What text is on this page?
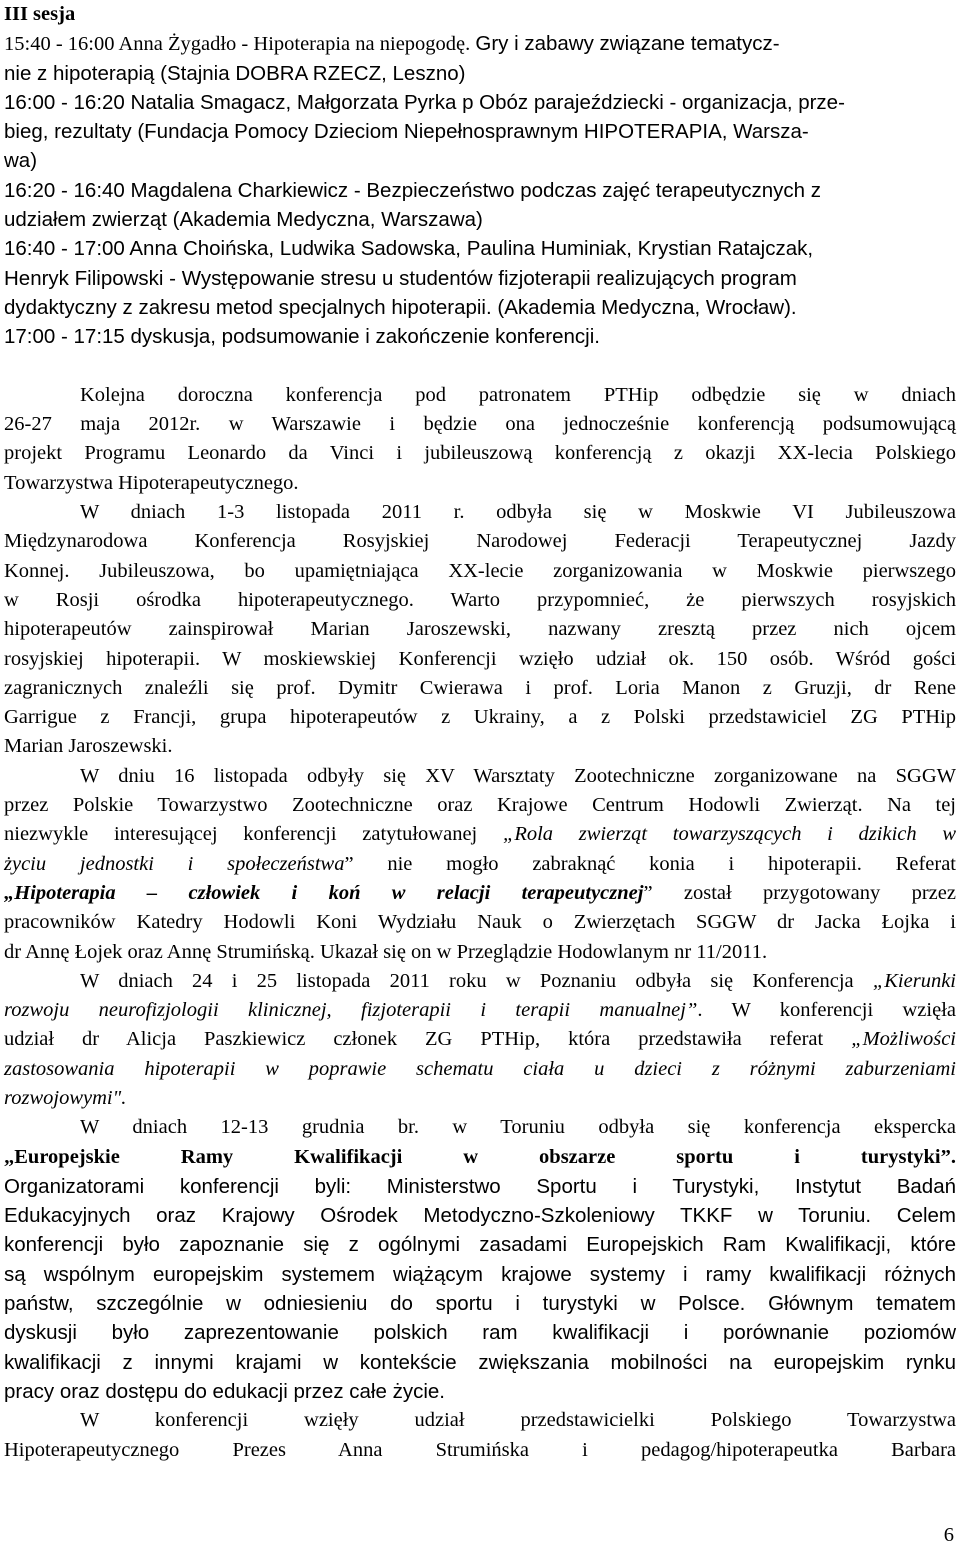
III sesja
15:40 - 16:00 Anna Żygadło - Hipoterapia na niepogodę. Gry i zabawy związane tematycz-
nie z hipoterapią (Stajnia DOBRA RZECZ, Leszno)
16:00 - 16:20 Natalia Smagacz, Małgorzata Pyrka p Obóz parajeździecki - organizacja, prze-
bieg, rezultaty (Fundacja Pomocy Dzieciom Niepełnosprawnym HIPOTERAPIA, Warsza-
wa)
16:20 - 16:40 Magdalena Charkiewicz - Bezpieczeństwo podczas zajęć terapeutycznych z
udziałem zwierząt (Akademia Medyczna, Warszawa)
16:40 - 17:00 Anna Choińska, Ludwika Sadowska, Paulina Huminiak, Krystian Ratajczak,
Henryk Filipowski - Występowanie stresu u studentów fizjoterapii realizujących program
dydaktyczny z zakresu metod specjalnych hipoterapii. (Akademia Medyczna, Wrocław).
17:00 - 17:15 dyskusja, podsumowanie i zakończenie konferencji.
Kolejna doroczna konferencja pod patronatem PTHip odbędzie się w dniach
26-27 maja 2012r. w Warszawie i będzie ona jednocześnie konferencją podsumowującą
projekt Programu Leonardo da Vinci i jubileuszową konferencją z okazji XX-lecia Polskiego
Towarzystwa Hipoterapeutycznego.
W dniach 1-3 listopada 2011 r. odbyła się w Moskwie VI Jubileuszowa
Międzynarodowa Konferencja Rosyjskiej Narodowej Federacji Terapeutycznej Jazdy
Konnej. Jubileuszowa, bo upamiętniająca XX-lecie zorganizowania w Moskwie pierwszego
w Rosji ośrodka hipoterapeutycznego. Warto przypomnieć, że pierwszych rosyjskich
hipoterapeutów zainspirował Marian Jaroszewski, nazwany zresztą przez nich ojcem
rosyjskiej hipoterapii. W moskiewskiej Konferencji wzięło udział ok. 150 osób. Wśród gości
zagranicznych znaleźli się prof. Dymitr Cwierawa i prof. Loria Manon z Gruzji, dr Rene
Garrigue z Francji, grupa hipoterapeutów z Ukrainy, a z Polski przedstawiciel ZG PTHip
Marian Jaroszewski.
W dniu 16 listopada odbyły się XV Warsztaty Zootechniczne zorganizowane na SGGW
przez Polskie Towarzystwo Zootechniczne oraz Krajowe Centrum Hodowli Zwierząt. Na tej
niezwykle interesującej konferencji zatytułowanej „Rola zwierząt towarzyszących i dzikich w
życiu jednostki i społeczeństwa” nie mogło zabraknąć konia i hipoterapii. Referat
„Hipoterapia – człowiek i koń w relacji terapeutycznej” został przygotowany przez
pracowników Katedry Hodowli Koni Wydziału Nauk o Zwierzętach SGGW dr Jacka Łojka i
dr Annę Łojek oraz Annę Strumińską. Ukazał się on w Przeglądzie Hodowlanym nr 11/2011.
W dniach 24 i 25 listopada 2011 roku w Poznaniu odbyła się Konferencja „Kierunki
rozwoju neurofizjologii klinicznej, fizjoterapii i terapii manualnej”. W konferencji wzięła
udział dr Alicja Paszkiewicz członek ZG PTHip, która przedstawiła referat „Możliwości
zastosowania hipoterapii w poprawie schematu ciała u dzieci z różnymi zaburzeniami
rozwojowymi".
W dniach 12-13 grudnia br. w Toruniu odbyła się konferencja ekspercka
„Europejskie Ramy Kwalifikacji w obszarze sportu i turystyki”.
Organizatorami konferencji byli: Ministerstwo Sportu i Turystyki, Instytut Badań
Edukacyjnych oraz Krajowy Ośrodek Metodyczno-Szkoleniowy TKKF w Toruniu. Celem
konferencji było zapoznanie się z ogólnymi zasadami Europejskich Ram Kwalifikacji, które
są wspólnym europejskim systemem wiążącym krajowe systemy i ramy kwalifikacji różnych
państw, szczególnie w odniesieniu do sportu i turystyki w Polsce. Głównym tematem
dyskusji było zaprezentowanie polskich ram kwalifikacji i porównanie poziomów
kwalifikacji z innymi krajami w kontekście zwiększania mobilności na europejskim rynku
pracy oraz dostępu do edukacji przez całe życie.
W konferencji wzięły udział przedstawicielki Polskiego Towarzystwa
Hipoterapeutycznego Prezes Anna Strumińska i pedagog/hipoterapeutka Barbara
6
